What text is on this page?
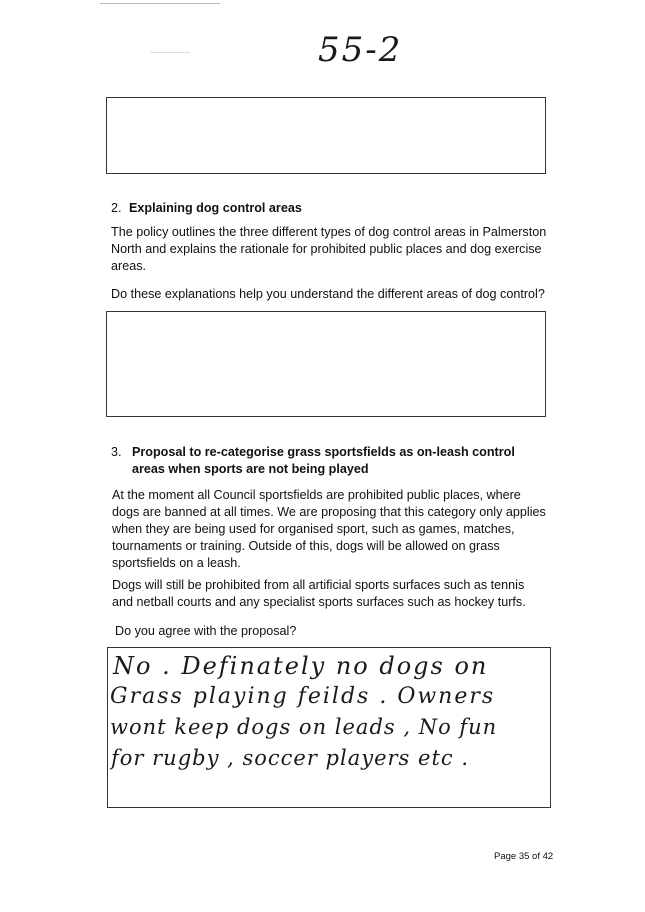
55-2
2. Explaining dog control areas
The policy outlines the three different types of dog control areas in Palmerston North and explains the rationale for prohibited public places and dog exercise areas.
Do these explanations help you understand the different areas of dog control?
3. Proposal to re-categorise grass sportsfields as on-leash control
areas when sports are not being played
At the moment all Council sportsfields are prohibited public places, where dogs are banned at all times. We are proposing that this category only applies when they are being used for organised sport, such as games, matches, tournaments or training. Outside of this, dogs will be allowed on grass sportsfields on a leash.
Dogs will still be prohibited from all artificial sports surfaces such as tennis and netball courts and any specialist sports surfaces such as hockey turfs.
Do you agree with the proposal?
No . Definately no dogs on
Grass playing feilds . Owners
wont keep dogs on leads , No fun
for rugby , soccer players etc .
Page 35 of 42
